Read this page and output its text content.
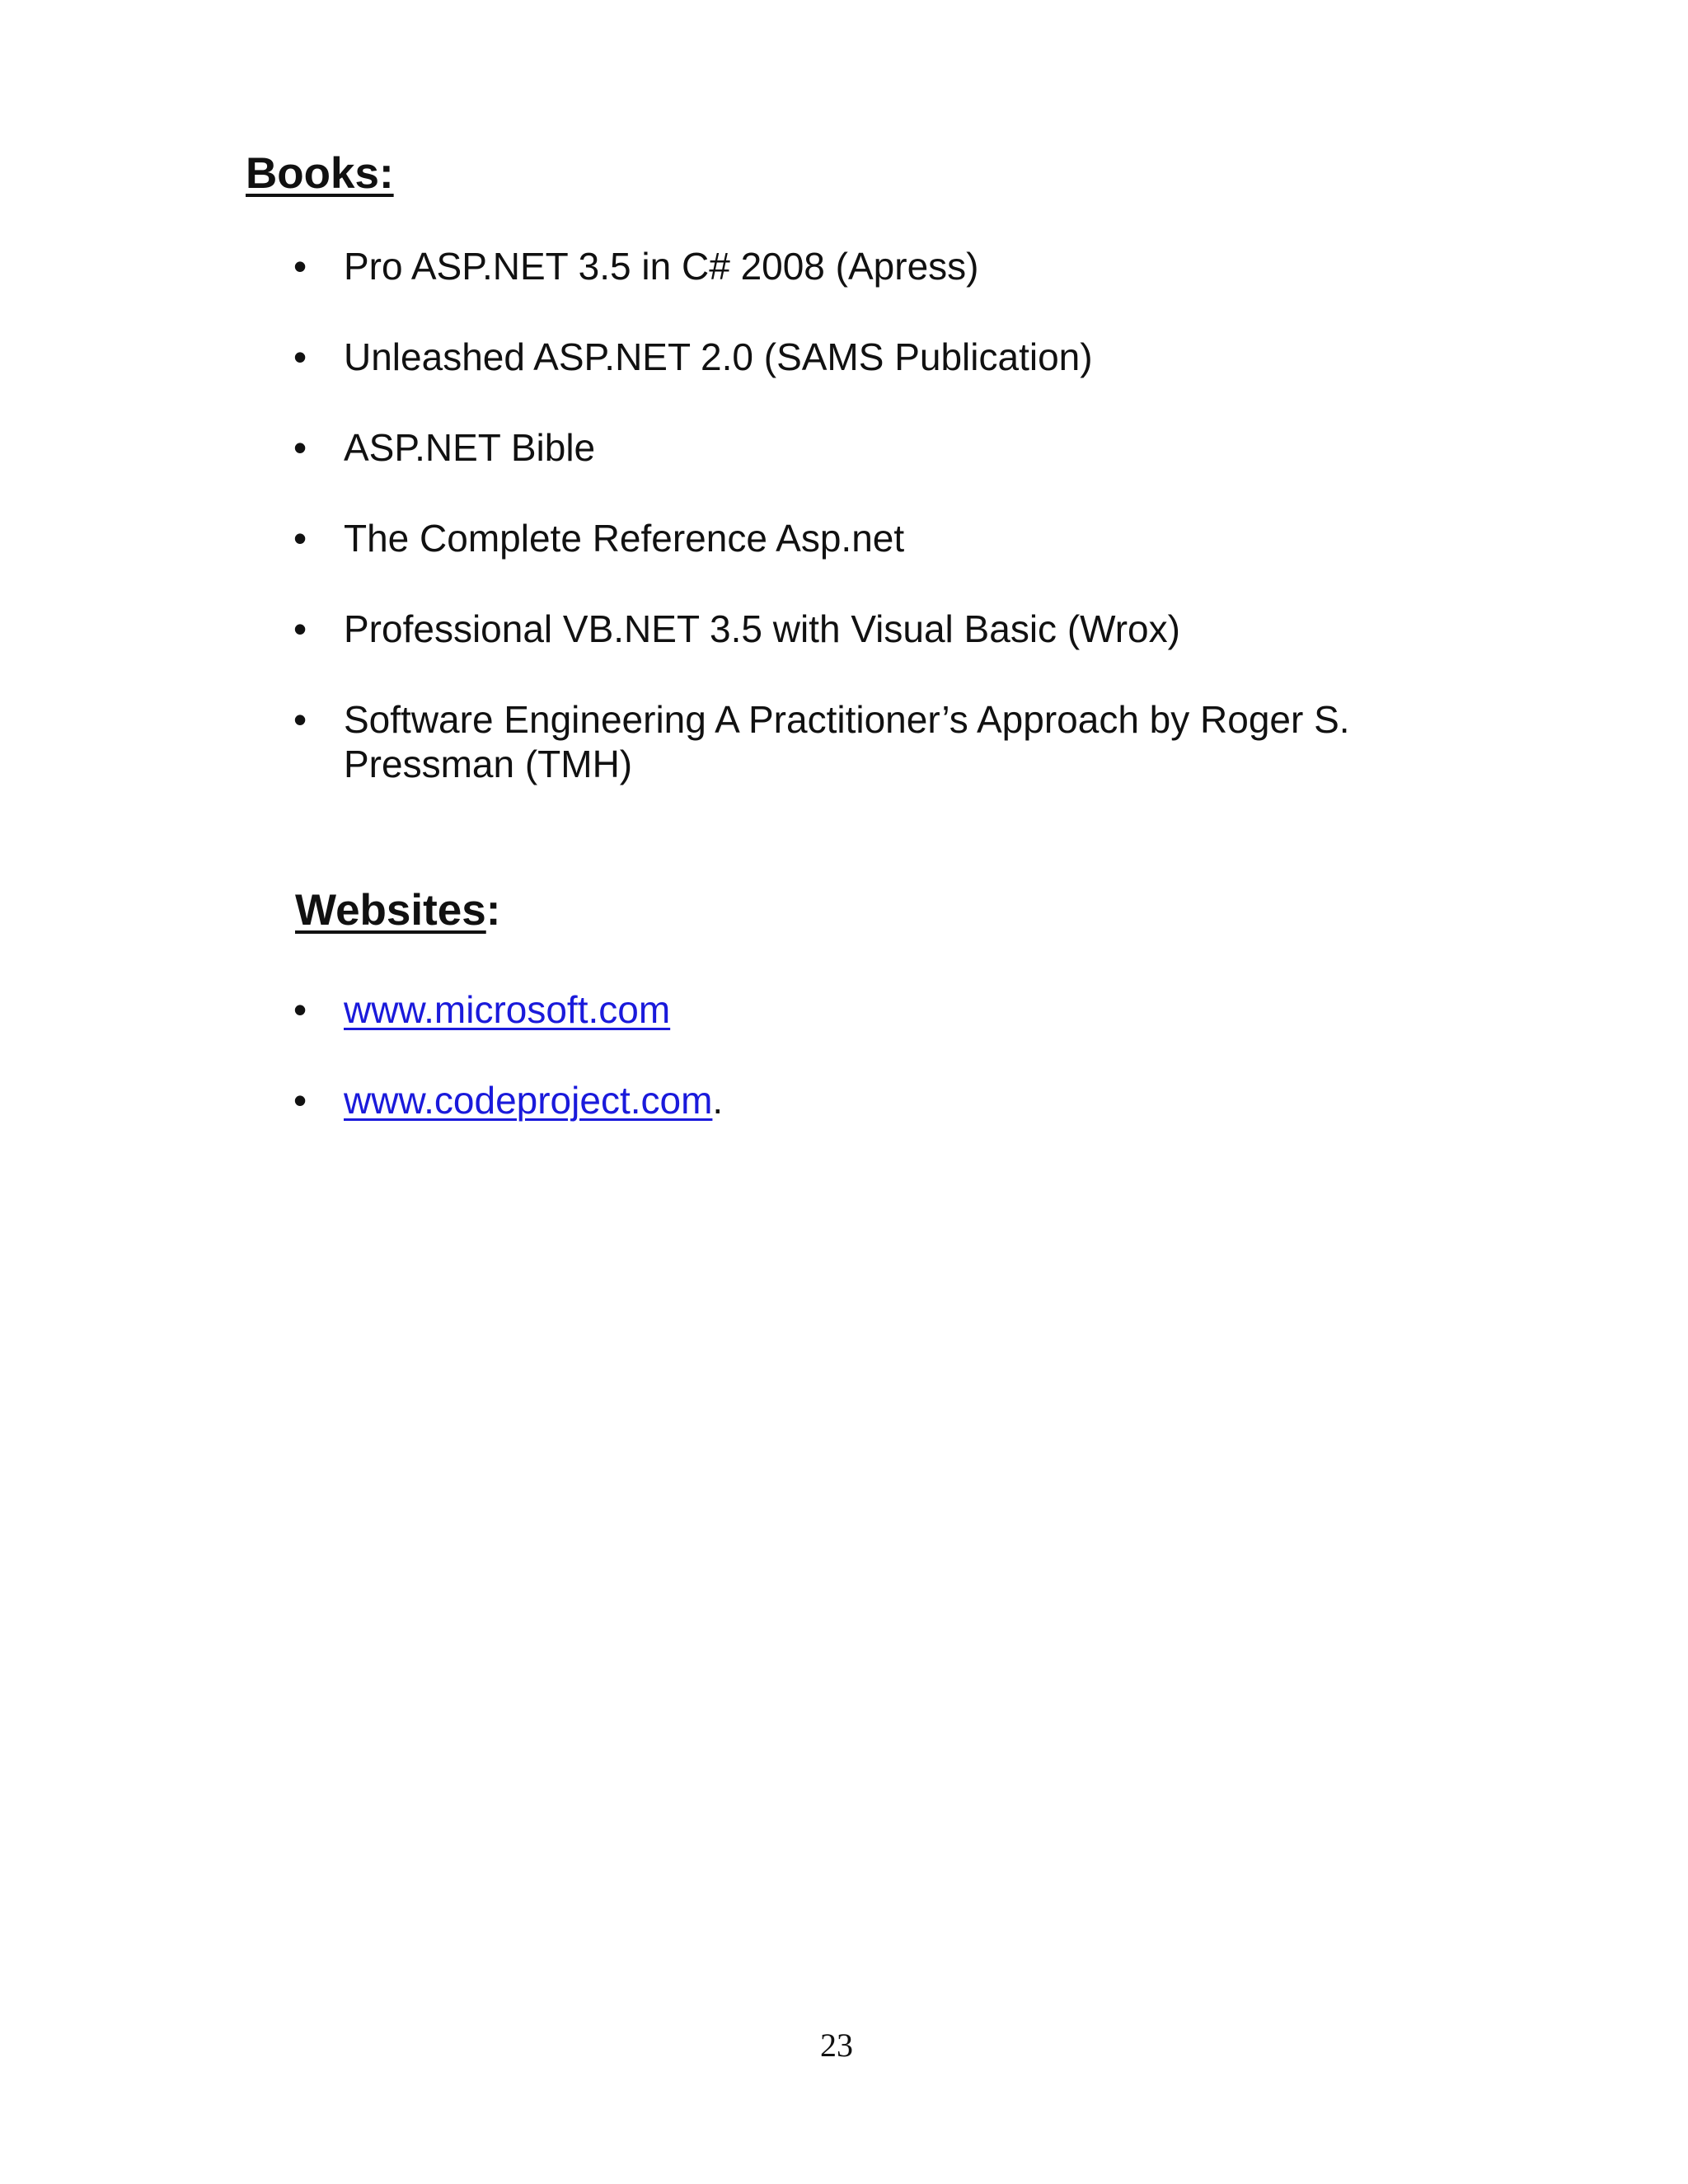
Books:
• Pro ASP.NET 3.5 in C# 2008 (Apress)
• Unleashed ASP.NET 2.0 (SAMS Publication)
• ASP.NET Bible
• The Complete Reference Asp.net
• Professional VB.NET 3.5 with Visual Basic (Wrox)
• Software Engineering A Practitioner’s Approach by Roger S. Pressman (TMH)
Websites:
• www.microsoft.com
• www.codeproject.com.
23
